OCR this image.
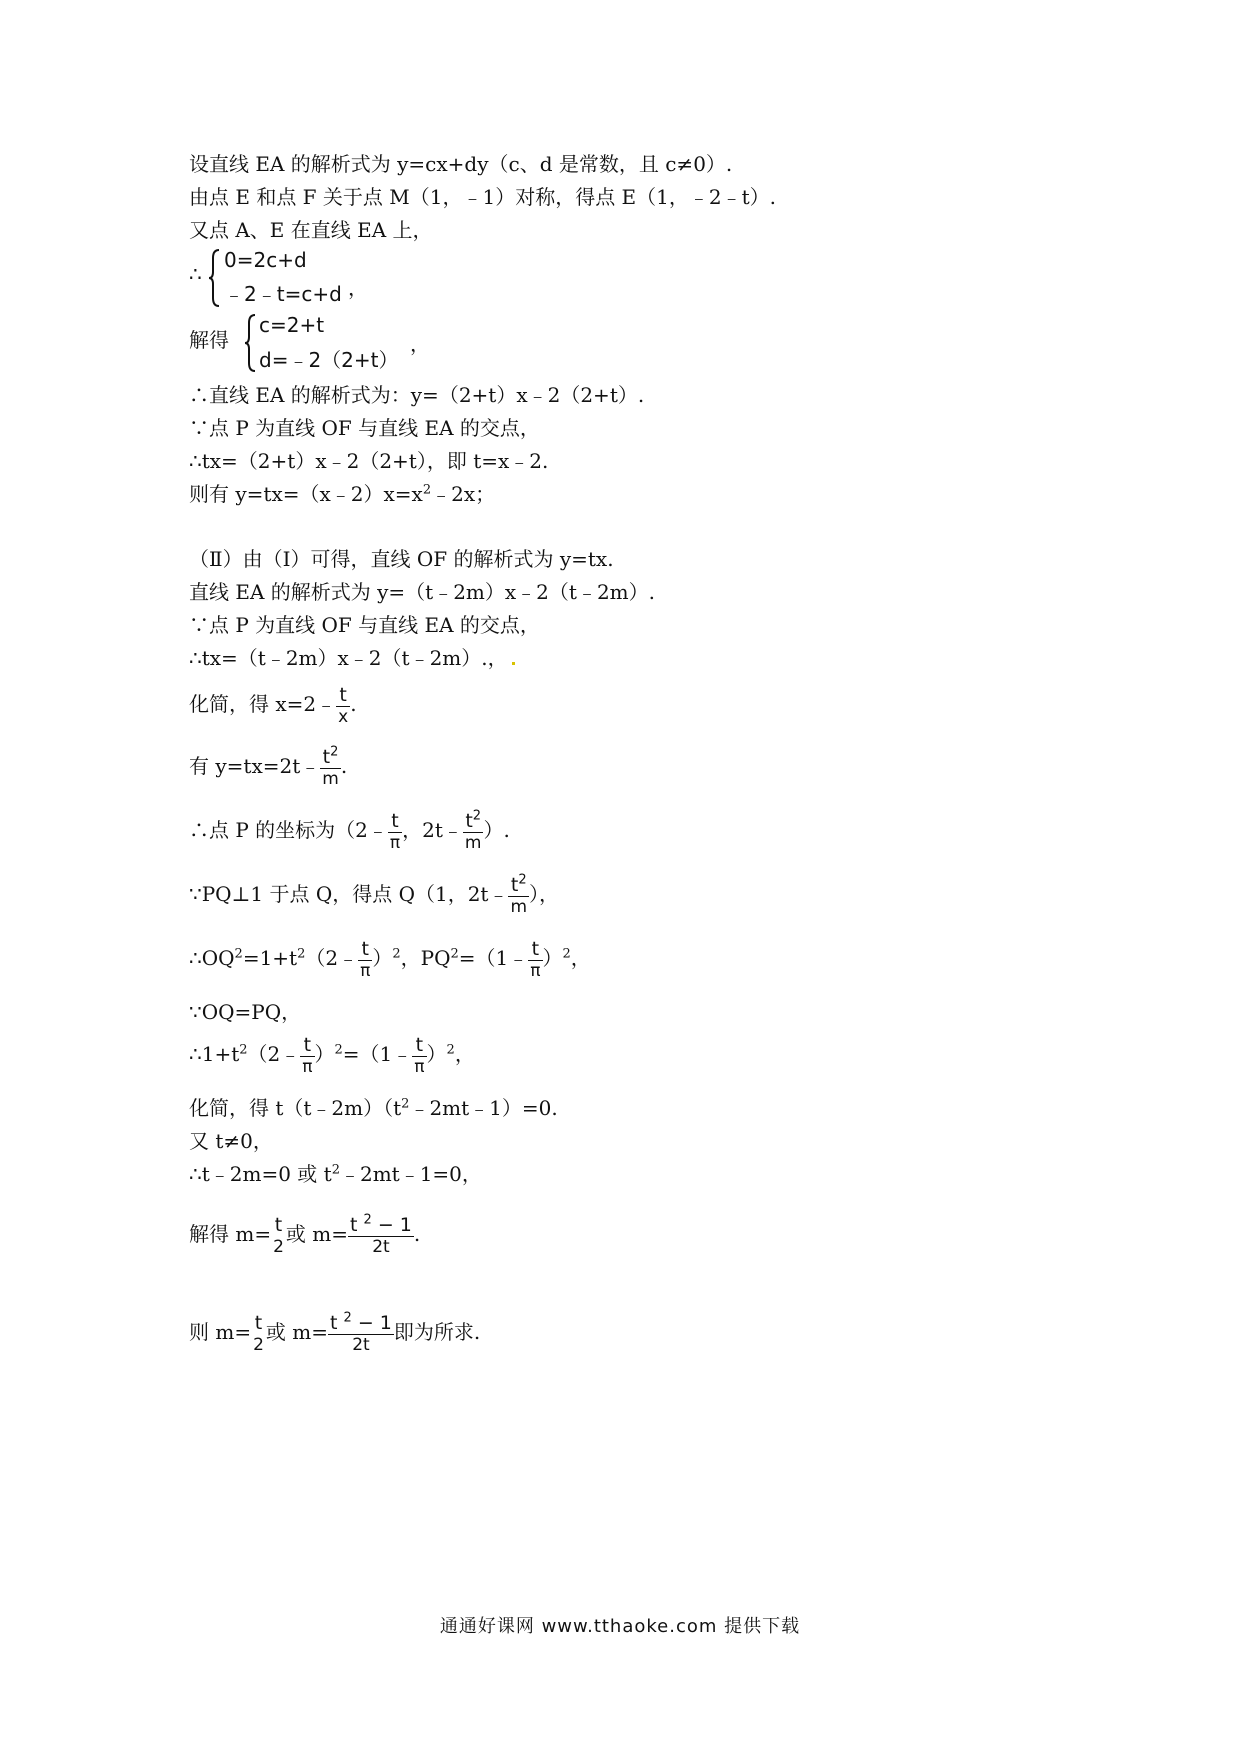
设直线 EA 的解析式为 y=cx+dy（c、d 是常数，且 c≠0）.
由点 E 和点 F 关于点 M（1，﹣1）对称，得点 E（1，﹣2﹣t）.
又点 A、E 在直线 EA 上，
∴
0=2c+d
﹣2﹣t=c+d ，
解得
c=2+t
d=﹣2（2+t）
，
∴直线 EA 的解析式为：y=（2+t）x﹣2（2+t）.
∵点 P 为直线 OF 与直线 EA 的交点，
∴tx=（2+t）x﹣2（2+t），即 t=x﹣2.
则有 $y=tx=(x﹣2)x=x^2﹣2x$；
（Ⅱ）由（Ⅰ）可得，直线 OF 的解析式为 y=tx.
直线 EA 的解析式为 y=（t﹣2m）x﹣2（t﹣2m）.
∵点 P 为直线 OF 与直线 EA 的交点，
∴tx=（t﹣2m）x﹣2（t﹣2m）.，
化简，得 x=2﹣ $\frac{t}{x}$ .
有 y=tx=2t﹣ $\frac{t^2}{m}$ .
∴点 P 的坐标为（2﹣ $\frac{t}{\pi}$ ，2t﹣ $\frac{t^2}{m}$ ）.
∵PQ⊥1 于点 Q，得点 Q（1，2t﹣ $\frac{t^2}{m}$ ），
$\therefore OQ^2=1+t^2(2﹣ \frac{t}{\pi} )^2$，$PQ^2=(1﹣ \frac{t}{\pi} )^2$，
∵OQ=PQ，
$\therefore 1+t^2(2﹣ \frac{t}{\pi}$ ）$^2$=（1﹣ $\frac{t}{\pi} )^2$，
化简，得 $t(t﹣2m)(t^2﹣2mt﹣1)=0$.
又 t≠0，
∴t﹣2m=0 或 $t^2﹣2mt﹣1=0$，
解得 m= t
2
或 $m= \frac{t ^2 - 1}{2t}$ .
则 m= t
2
或 $m= \frac{t ^2 - 1}{2t}$ 即为所求.
通通好课网 www.tthaoke.com 提供下载
